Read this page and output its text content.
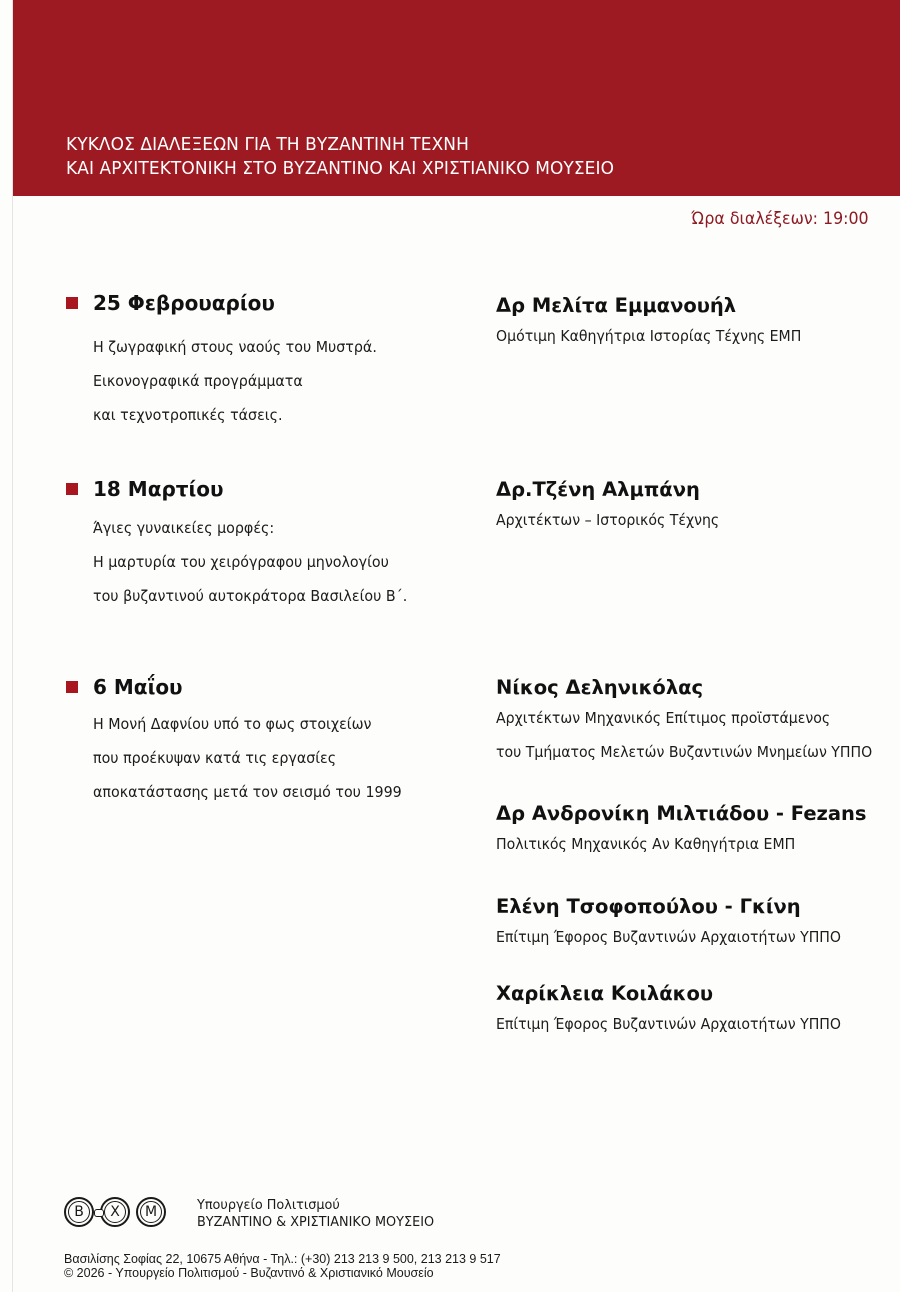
ΚΥΚΛΟΣ ΔΙΑΛΕΞΕΩΝ ΓΙΑ ΤΗ ΒΥΖΑΝΤΙΝΗ ΤΕΧΝΗ
ΚΑΙ ΑΡΧΙΤΕΚΤΟΝΙΚΗ ΣΤΟ ΒΥΖΑΝΤΙΝΟ ΚΑΙ ΧΡΙΣΤΙΑΝΙΚΟ ΜΟΥΣΕΙΟ
Ώρα διαλέξεων: 19:00
25 Φεβρουαρίου
Η ζωγραφική στους ναούς του Μυστρά.
Εικονογραφικά προγράμματα
και τεχνοτροπικές τάσεις.
Δρ Μελίτα Εμμανουήλ
Ομότιμη Καθηγήτρια Ιστορίας Τέχνης ΕΜΠ
18 Μαρτίου
Άγιες γυναικείες μορφές:
Η μαρτυρία του χειρόγραφου μηνολογίου
του βυζαντινού αυτοκράτορα Βασιλείου Β΄.
Δρ.Τζένη Αλμπάνη
Αρχιτέκτων – Ιστορικός Τέχνης
6 Μαΐου
Η Μονή Δαφνίου υπό το φως στοιχείων
που προέκυψαν κατά τις εργασίες
αποκατάστασης μετά τον σεισμό του 1999
Νίκος Δεληνικόλας
Αρχιτέκτων Μηχανικός Επίτιμος προϊστάμενος
του Τμήματος Μελετών Βυζαντινών Μνημείων ΥΠΠΟ
Δρ Ανδρονίκη Μιλτιάδου - Fezans
Πολιτικός Μηχανικός Αν Καθηγήτρια ΕΜΠ
Ελένη Τσοφοπούλου - Γκίνη
Επίτιμη Έφορος Βυζαντινών Αρχαιοτήτων ΥΠΠΟ
Χαρίκλεια Κοιλάκου
Επίτιμη Έφορος Βυζαντινών Αρχαιοτήτων ΥΠΠΟ
Β Χ Μ	Υπουργείο Πολιτισμού
ΒΥΖΑΝΤΙΝΟ & ΧΡΙΣΤΙΑΝΙΚΟ ΜΟΥΣΕΙΟ
Βασιλίσης Σοφίας 22, 10675 Αθήνα - Τηλ.: (+30) 213 213 9 500, 213 213 9 517
© 2026 - Υπουργείο Πολιτισμού - Βυζαντινό & Χριστιανικό Μουσείο
